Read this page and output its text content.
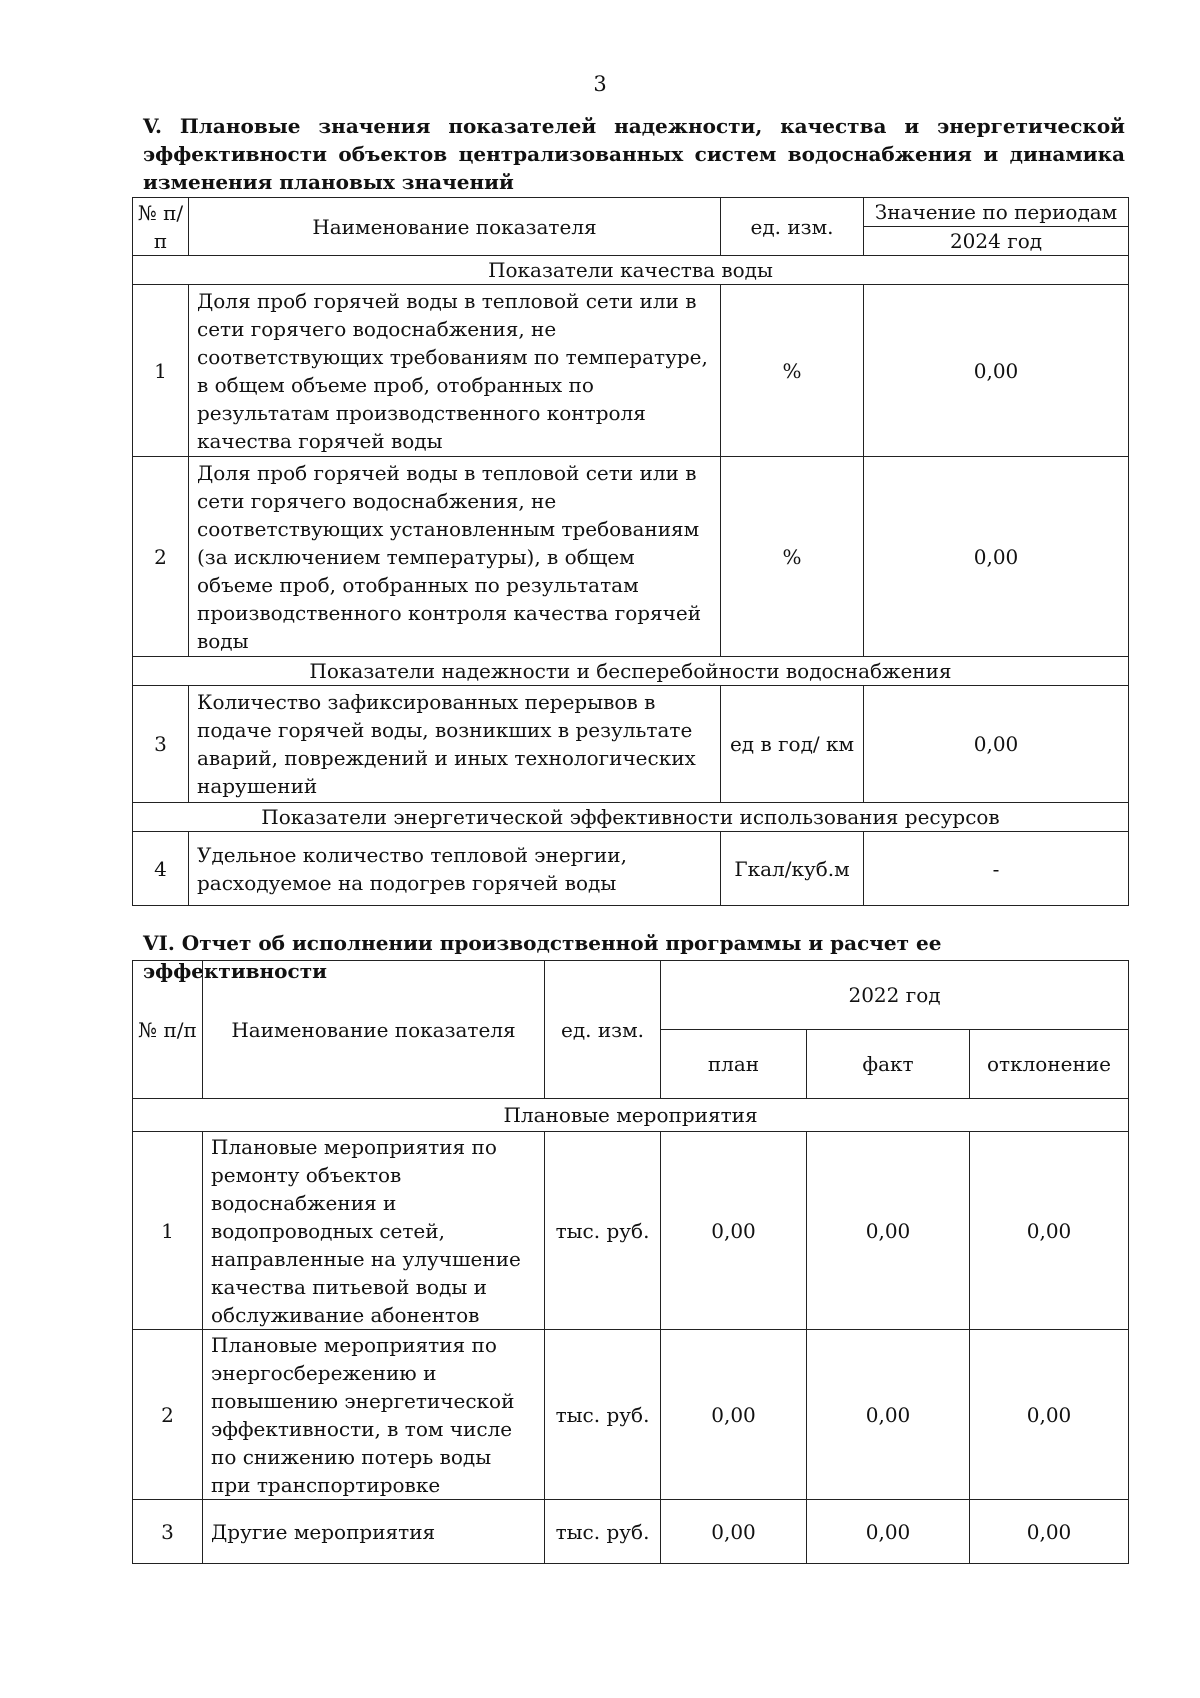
3

V. Плановые значения показателей надежности, качества и энергетической эффективности объектов централизованных систем водоснабжения и динамика изменения плановых значений

№ п/п	Наименование показателя	ед. изм.	Значение по периодам
			2024 год
Показатели качества воды			
1	Доля проб горячей воды в тепловой сети или в сети горячего водоснабжения, не соответствующих требованиям по температуре, в общем объеме проб, отобранных по результатам производственного контроля качества горячей воды	%	0,00
2	Доля проб горячей воды в тепловой сети или в сети горячего водоснабжения, не соответствующих установленным требованиям (за исключением температуры), в общем объеме проб, отобранных по результатам производственного контроля качества горячей воды	%	0,00
Показатели надежности и бесперебойности водоснабжения			
3	Количество зафиксированных перерывов в подаче горячей воды, возникших в результате аварий, повреждений и иных технологических нарушений	ед в год/ км	0,00
Показатели энергетической эффективности использования ресурсов			
4	Удельное количество тепловой энергии, расходуемое на подогрев горячей воды	Гкал/куб.м	-

VI. Отчет об исполнении производственной программы и расчет ее эффективности

№ п/п	Наименование показателя	ед. изм.	2022 год		
			план	факт	отклонение
Плановые мероприятия					
1	Плановые мероприятия по ремонту объектов водоснабжения и водопроводных сетей, направленные на улучшение качества питьевой воды и обслуживание абонентов	тыс. руб.	0,00	0,00	0,00
2	Плановые мероприятия по энергосбережению и повышению энергетической эффективности, в том числе по снижению потерь воды при транспортировке	тыс. руб.	0,00	0,00	0,00
3	Другие мероприятия	тыс. руб.	0,00	0,00	0,00
